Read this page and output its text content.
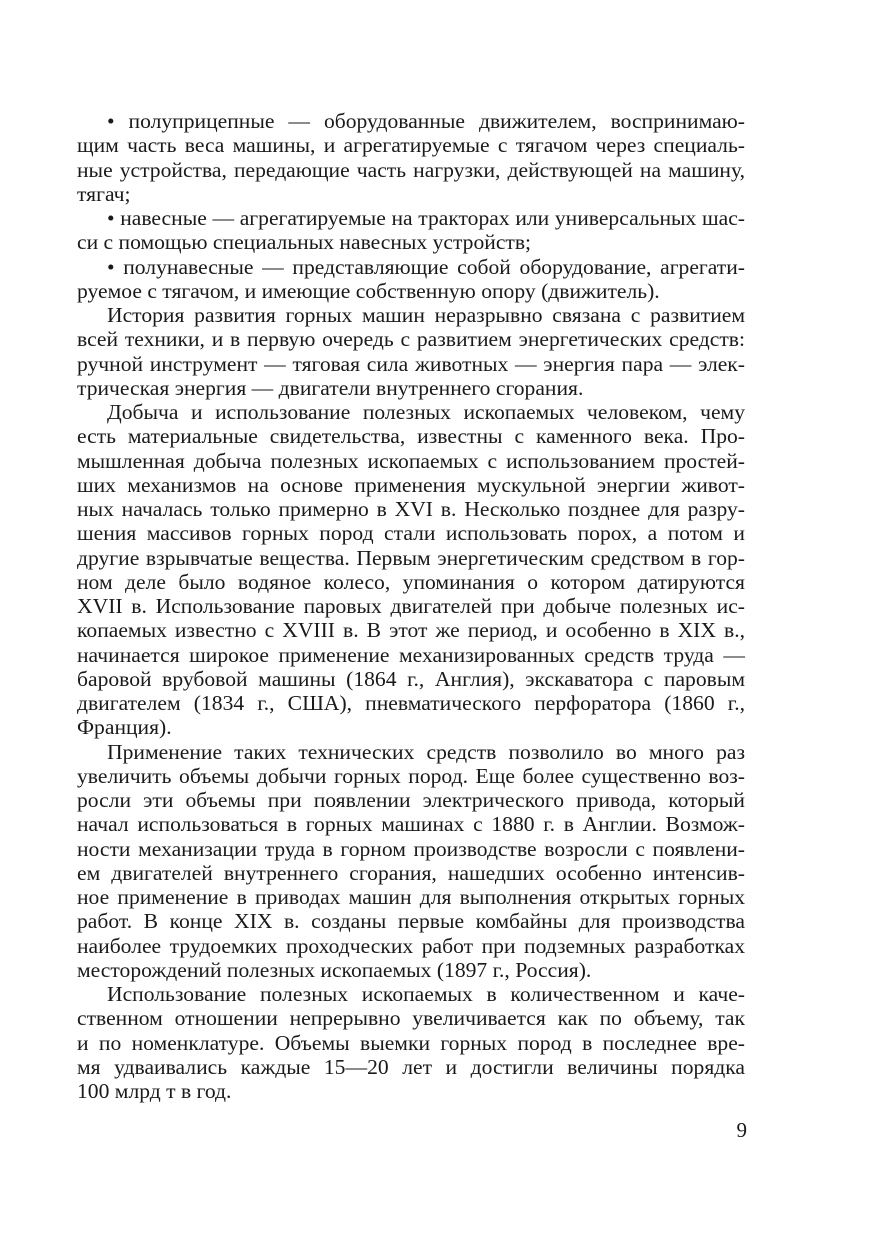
• полуприцепные — оборудованные движителем, воспринимаю-
щим часть веса машины, и агрегатируемые с тягачом через специаль-
ные устройства, передающие часть нагрузки, действующей на машину,
тягач;

• навесные — агрегатируемые на тракторах или универсальных шас-
си с помощью специальных навесных устройств;

• полунавесные — представляющие собой оборудование, агрегати-
руемое с тягачом, и имеющие собственную опору (движитель).

История развития горных машин неразрывно связана с развитием
всей техники, и в первую очередь с развитием энергетических средств:
ручной инструмент — тяговая сила животных — энергия пара — элек-
трическая энергия — двигатели внутреннего сгорания.

Добыча и использование полезных ископаемых человеком, чему
есть материальные свидетельства, известны с каменного века. Про-
мышленная добыча полезных ископаемых с использованием простей-
ших механизмов на основе применения мускульной энергии живот-
ных началась только примерно в XVI в. Несколько позднее для разру-
шения массивов горных пород стали использовать порох, а потом и
другие взрывчатые вещества. Первым энергетическим средством в гор-
ном деле было водяное колесо, упоминания о котором датируются
XVII в. Использование паровых двигателей при добыче полезных ис-
копаемых известно с XVIII в. В этот же период, и особенно в XIX в.,
начинается широкое применение механизированных средств труда —
баровой врубовой машины (1864 г., Англия), экскаватора с паровым
двигателем (1834 г., США), пневматического перфоратора (1860 г.,
Франция).

Применение таких технических средств позволило во много раз
увеличить объемы добычи горных пород. Еще более существенно воз-
росли эти объемы при появлении электрического привода, который
начал использоваться в горных машинах с 1880 г. в Англии. Возмож-
ности механизации труда в горном производстве возросли с появлени-
ем двигателей внутреннего сгорания, нашедших особенно интенсив-
ное применение в приводах машин для выполнения открытых горных
работ. В конце XIX в. созданы первые комбайны для производства
наиболее трудоемких проходческих работ при подземных разработках
месторождений полезных ископаемых (1897 г., Россия).

Использование полезных ископаемых в количественном и каче-
ственном отношении непрерывно увеличивается как по объему, так
и по номенклатуре. Объемы выемки горных пород в последнее вре-
мя удваивались каждые 15—20 лет и достигли величины порядка
100 млрд т в год.

9
